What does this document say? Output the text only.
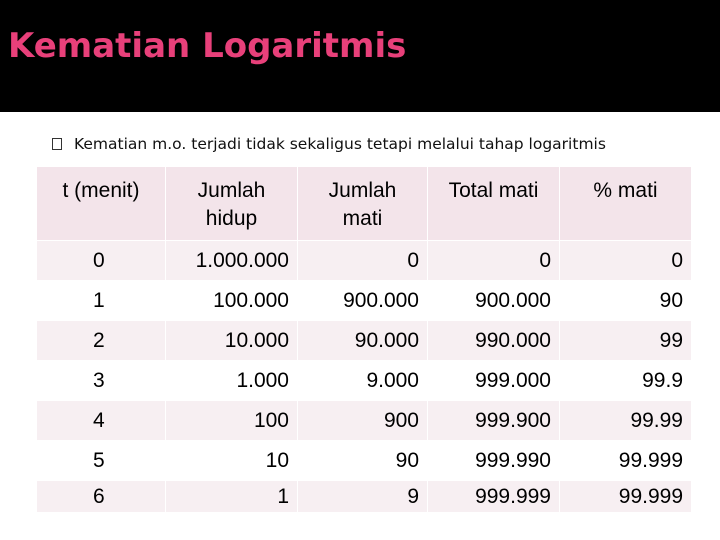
Kematian Logaritmis
Kematian m.o. terjadi tidak sekaligus tetapi melalui tahap logaritmis
t (menit)	Jumlah hidup	Jumlah mati	Total mati	% mati
0	1.000.000	0	0	0
1	100.000	900.000	900.000	90
2	10.000	90.000	990.000	99
3	1.000	9.000	999.000	99.9
4	100	900	999.900	99.99
5	10	90	999.990	99.999
6	1	9	999.999	99.999
